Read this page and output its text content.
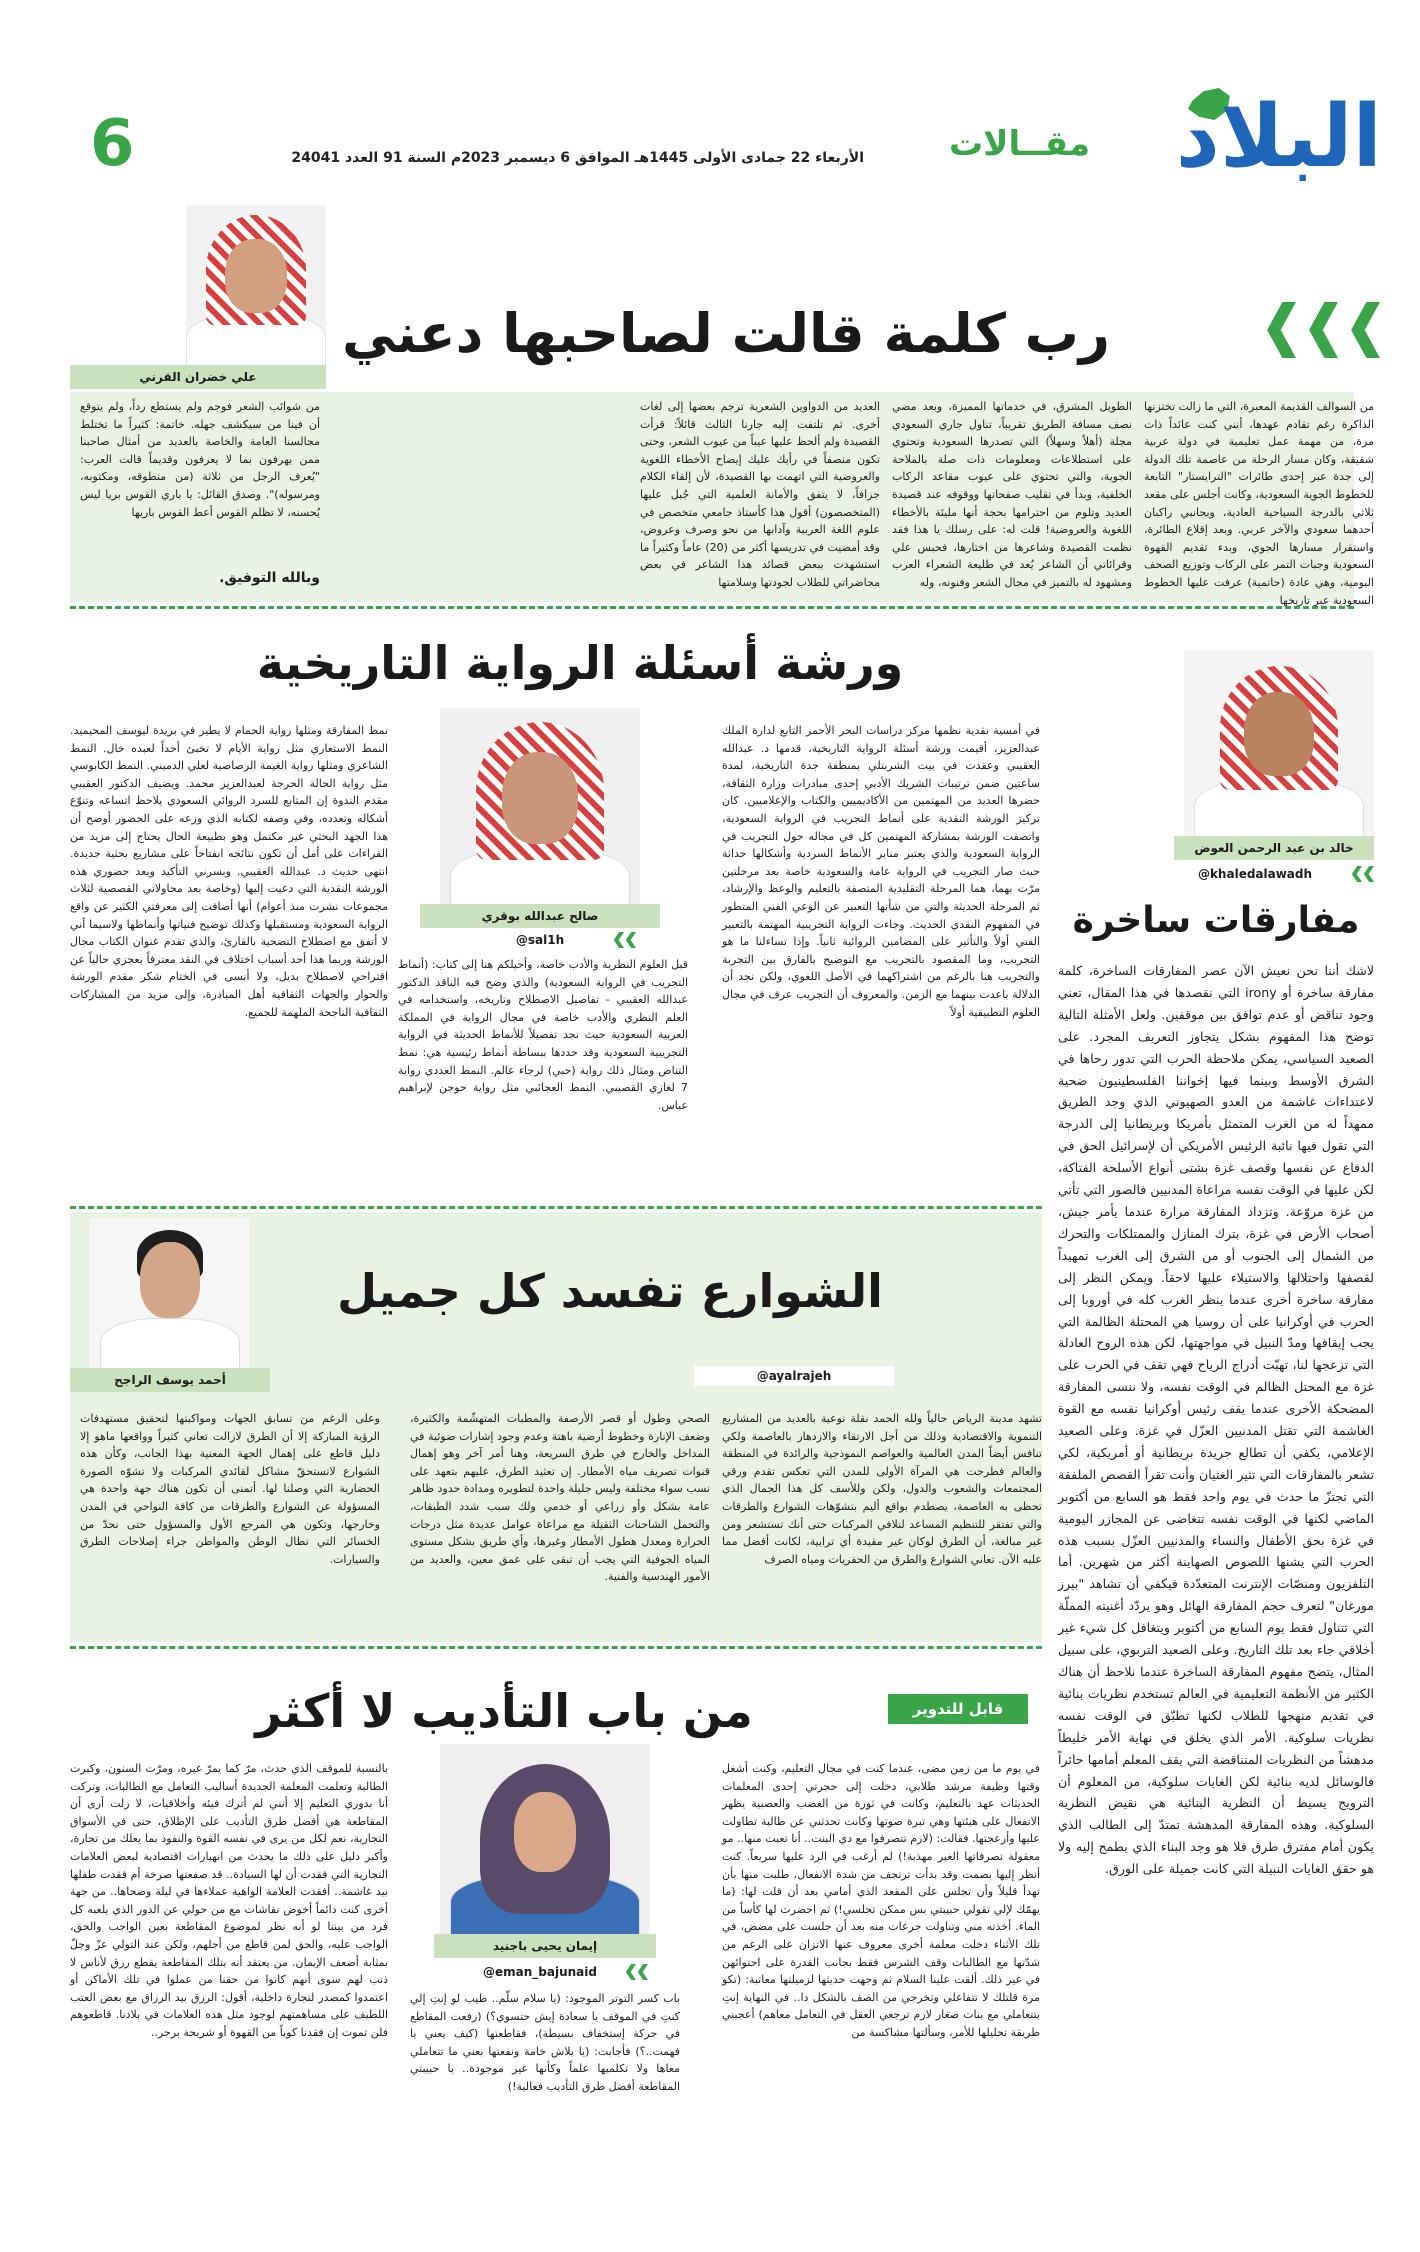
البلاد
مقــالات
الأربعاء 22 جمادى الأولى 1445هـ الموافق 6 ديسمبر 2023م السنة 91 العدد 24041
6
رب كلمة قالت لصاحبها دعني
علي خضران القرني
من السوالف القديمة المعبرة، التي ما زالت تختزنها الذاكرة رغم تقادم عهدها، أنني كنت عائداً ذات مرة، من مهمة عمل تعليمية في دولة عربية شقيقة، وكان مسار الرحلة من عاصمة تلك الدولة إلى جدة عبر إحدى طائرات "الترايستار" التابعة للخطوط الجوية السعودية، وكانت أجلس على مقعد ثلاثي بالدرجة السياحية العادية، وبجانبي راكبان أحدهما سعودي والآخر عربي. وبعد إقلاع الطائرة، واستقرار مسارها الجوي، وبدء تقديم القهوة السعودية وجبات التمر على الركاب وتوزيع الصحف اليومية، وهي عادة (حاتمية) عرفت عليها الخطوط السعودية عبر تاريخها
الطويل المشرق، في خدماتها المميزة، وبعد مضي نصف مسافة الطريق تقريباً، تناول جاري السعودي مجلة (أهلاً وسهلاً) التي تصدرها السعودية وتحتوي على استطلاعات ومعلومات ذات صلة بالملاحة الجوية، والتي تحتوي على عيوب مقاعد الركاب الخلفية، وبدأ في تقليب صفحاتها ووقوفه عند قصيدة العديد وتلوم من احترامها بحجة أنها مليئة بالأخطاء اللغوية والعروضية! قلت له: على رسلك يا هذا فقد نظمت القصيدة وشاعرها من اختارها، فحبس علي وقرائاتي أن الشاعر يُعد في طليعة الشعراء العرب ومشهود له بالتميز في مجال الشعر وفنونه، وله
العديد من الدواوين الشعرية ترجم بعضها إلى لغات أخرى. ثم تلتفت إليه جارنا الثالث قائلاً: قرأت القصيدة ولم ألحظ عليها عيباً من عيوب الشعر، وحتى تكون منصفاً في رأيك عليك إيضاح الأخطاء اللغوية والعروضية التي اتهمت بها القصيدة، لأن إلقاء الكلام جزافاً، لا يتفق والأمانة العلمية التي جُبل عليها (المتخصصون) أقول هذا كأستاذ جامعي متخصص في علوم اللغة العربية وآدابها من نحو وصرف وعروض، وقد أمضيت في تدريسها أكثر من (20) عاماً وكثيراً ما استشهدت ببعض قصائد هذا الشاعر في بعض محاضراتي للطلاب لجودتها وسلامتها
من شوائب الشعر فوجم ولم يستطع رداً، ولم يتوقع أن فينا من سيكشف جهله. خاتمة: كثيراً ما تختلط مجالسنا العامة والخاصة بالعديد من أمثال صاحبنا ممن يهرفون بما لا يعرفون وقديماً قالت العرب: "يُعرف الرجل من ثلاثة (من منطوقه، ومكتوبه، ومرسوله)". وصدق القائل: يا باري القوس بريا ليس يُحسنه، لا تظلم القوس أعط القوس باريها
وبالله التوفيق.
خالد بن عبد الرحمن العوض
@khaledalawadh
مفارقات ساخرة
لاشك أننا نحن نعيش الآن عصر المفارقات الساخرة، كلمة مفارقة ساخرة أو irony التي نقصدها في هذا المقال، تعني وجود تناقض أو عدم توافق بين موقفين. ولعل الأمثلة التالية توضح هذا المفهوم بشكل يتجاوز التعريف المجرد. على الصعيد السياسي، يمكن ملاحظة الحرب التي تدور رحاها في الشرق الأوسط وبينما فيها إخواننا الفلسطينيون ضحية لاعتداءات غاشمة من العدو الصهيوني الذي وجد الطريق ممهداً له من الغرب المتمثل بأمريكا وبريطانيا إلى الدرجة التي تقول فيها نائبة الرئيس الأمريكي أن لإسرائيل الحق في الدفاع عن نفسها وقصف غزة بشتى أنواع الأسلحة الفتاكة، لكن عليها في الوقت نفسه مراعاة المدنيين فالصور التي تأتي من غزة مروّعة. وتزداد المفارقة مرارة عندما يأمر جيش، أصحاب الأرض في غزة، بترك المنازل والممتلكات والتحرك من الشمال إلى الجنوب أو من الشرق إلى الغرب تمهيداً لقصفها واحتلالها والاستيلاء عليها لاحقاً. ويمكن النظر إلى مفارقة ساخرة أخرى عندما ينظر الغرب كله في أوروبا إلى الحرب في أوكرانيا على أن روسيا هي المحتلة الظالمة التي يجب إيقافها ومدّ النبيل في مواجهتها، لكن هذه الروح العادلة التي تزعجها لنا، تهبّت أدراج الرياح فهي تقف في الحرب على غزة مع المحتل الظالم في الوقت نفسه، ولا ننسى المفارقة المضحكة الأخرى عندما يقف رئيس أوكرانيا نفسه مع القوة الغاشمة التي تقتل المدنيين العزّل في غزة. وعلى الصعيد الإعلامي، يكفي أن تطالع جريدة بريطانية أو أمريكية، لكي تشعر بالمفارقات التي تثير الغثيان وأنت تقرأ القصص الملفقة التي تجتزّ ما حدث في يوم واحد فقط هو السابع من أكتوبر الماضي لكنها في الوقت نفسه تتغاضى عن المجازر اليومية في غزة بحق الأطفال والنساء والمدنيين العزّل بسبب هذه الحرب التي يشنها اللصوص الصهاينة أكثر من شهرين. أما التلفزيون ومنصّات الإنترنت المتعدّدة فيكفي أن تشاهد "بيرز مورغان" لتعرف حجم المفارقة الهائل وهو يردّد أغنيته المملّة التي تتناول فقط يوم السابع من أكتوبر ويتغافل كل شيء غير أخلاقي جاء بعد تلك التاريخ. وعلى الصعيد التربوي، على سبيل المثال، يتضح مفهوم المفارقة الساخرة عندما نلاحظ أن هناك الكثير من الأنظمة التعليمية في العالم تستخدم نظريات بنائية في تقديم منهجها للطلاب لكنها تطبّق في الوقت نفسه نظريات سلوكية. الأمر الذي يخلق في نهاية الأمر خليطاً مدهشاً من النظريات المتناقضة التي يقف المعلم أمامها حائراً فالوسائل لديه بنائية لكن الغايات سلوكية، من المعلوم أن الترويج يسيط أن النظرية البنائية هي نقيض النظرية السلوكية. وهذه المفارقة المدهشة تمتدّ إلى الطالب الذي يكون أمام مفترق طرق فلا هو وجد البناء الذي يطمح إليه ولا هو حقق الغايات النبيلة التي كانت جميلة على الورق.
ورشة أسئلة الرواية التاريخية
صالح عبدالله بوقري
@sal1h
في أمسية نقدية نظمها مركز دراسات البحر الأحمر التابع لدارة الملك عبدالعزيز، أقيمت ورشة أسئلة الرواية التاريخية، قدمها د. عبدالله العقيبي وعقدت في بيت الشربتلي بمنطقة جدة التاريخية، لمدة ساعتين ضمن ترتيبات الشريك الأدبي إحدى مبادرات وزارة الثقافة، حضرها العديد من المهتمين من الأكاديميين والكتاب والإعلاميين. كان تركيز الورشة النقدية على أنماط التجريب في الرواية السعودية، واتصفت الورشة بمشاركة المهتمين كل في مجاله حول التجريب في الرواية السعودية والذي يعتبر منابر الأنماط السردية وأشكالها حداثة حيث صار التجريب في الرواية عامة والسعودية خاصة بعد مرحلتين مرّت بهما، هما المرحلة التقليدية المتصفة بالتعليم والوعظ والإرشاد، ثم المرحلة الحديثة والتي من شأنها التعبير عن الوعي الفني المتطور في المفهوم النقدي الحديث. وجاءت الرواية التجريبية المهتمة بالتعبير الفني أولاً والتأثير على المضامين الروائية ثانياً. وإذا تساءلنا ما هو التجريب، وما المقصود بالتجريب مع التوضيح بالفارق بين التجربة والتجريب هنا بالرغم من اشتراكهما في الأصل اللغوي، ولكن نجد أن الدلالة باعدت بينهما مع الزمن. والمعروف أن التجريب عرف في مجال العلوم التطبيقية أولاً
قبل العلوم النظرية والأدب خاصة، وأحيلكم هنا إلى كتاب: (أنماط التجريب في الرواية السعودية) والذي وضح فيه الناقد الدكتور عبدالله العقيبي - تفاصيل الاصطلاح وتاريخه، واستخدامه في العلم النظري والأدب خاصة في مجال الرواية في المملكة العربية السعودية حيث نجد تفصيلاً للأنماط الحديثة في الرواية التجريبية السعودية وقد حددها ببساطة أنماط رئيسية هي: نمط التناص ومثال ذلك رواية (حبي) لرجاء عالم. النمط العددي رواية 7 لغازي القصيبي. النمط العجائبي مثل رواية حوجن لإبراهيم عباس.
نمط المفارقة ومثلها رواية الحمام لا يطير في بريدة ليوسف المحيميد. النمط الاستعاري مثل رواية الأيام لا تخبئ أحداً لعبده خال. النمط الشاعري ومثلها رواية الغيمة الرصاصية لعلي الدميني. النمط الكابوسي مثل رواية الحالة الحرجة لعبدالعزيز محمد. ويضيف الدكتور العقيبي مقدم الندوة إن المتابع للسرد الروائي السعودي يلاحظ اتساعه وتنوّع أشكاله وتعدده، وفي وصفه لكتابه الذي وزعه على الحضور أوضح أن هذا الجهد البحثي غير مكتمل وهو بطبيعة الحال يحتاج إلى مزيد من القراءات على أمل أن تكون نتائجه انفتاحاً على مشاريع بحثية جديدة. انتهى حديث د. عبدالله العقيبي. وبسرني التأكيد وبعد حضوري هذه الورشة النقدية التي دعيت إليها (وخاصة بعد محاولاتي القصصية لثلاث مجموعات نشرت منذ أعوام) أنها أضافت إلى معرفتي الكثير عن واقع الرواية السعودية ومستقبلها وكذلك توضيح فنياتها وأنماطها ولاسيما أني لا أتفق مع اصطلاح التضحية بالقارئ، والذي تقدم عنوان الكتاب مجال الورشة وربما هذا أحد أسباب اختلاف في النقد معترفاً بعجزي حالياً عن اقتراحي لاصطلاح بديل، ولا أنسى في الختام شكر مقدم الورشة والحوار والجهات الثقافية أهل المبادرة، وإلى مزيد من المشاركات الثقافية الناجحة الملهمة للجميع.
أحمد يوسف الراجح	@ayalrajeh
الشوارع تفسد كل جميل
تشهد مدينة الرياض حالياً ولله الحمد نقلة نوعية بالعديد من المشاريع التنموية والاقتصادية وذلك من أجل الارتقاء والازدهار بالعاصمة ولكي تنافس أيضاً المدن العالمية والعواصم النموذجية والرائدة في المنطقة والعالم فطرحت هي المرآة الأولى للمدن التي تعكس تقدم ورقي المجتمعات والشعوب والدول، ولكن وللأسف كل هذا الجمال الذي تحظى به العاصمة، يصطدم بواقع أليم بتشوّهات الشوارع والطرقات والتي تفتقر للتنظيم المساعد لتلافي المركبات حتى أنك تستشعر ومن غير مبالغة، أن الطرق لوكان غير مقيدة أي ترابية، لكانت أفضل مما عليه الآن. تعاني الشوارع والطرق من الحفريات ومياه الصرف
الصحي وطول أو قصر الأرصفة والمطبات المتهشّمة والكثيرة، وضعف الإنارة وخطوط أرضية باهتة وعدم وجود إشارات ضوئية في المداخل والخارج في طرق السريعة، وهنا أمر آخر وهو إهمال قنوات تصريف مياه الأمطار. إن تعثيد الطرق، عليهم بتعهد على نسب سواء مختلفة وليس جليلة واحدة لتطويره ومدادة حدود ظاهر عامة بشكل وأو زراعي أو خدمي ولك سبب شدد الطبقات، والتحمل الشاحنات الثقيلة مع مراعاة عوامل عديدة مثل درجات الحرارة ومعدل هطول الأمطار وغيرها، وأي طريق بشكل مستوى المياه الجوفية التي يجب أن تبقى على عمق معين، والعديد من الأمور الهندسية والفنية.
وعلى الرغم من تسابق الجهات ومواكبتها لتحقيق مستهدفات الرؤية المباركة إلا أن الطرق لازالت تعاني كثيراً وواقعها ماهو إلا دليل قاطع على إهمال الجهة المعنية بهذا الجانب، وكأن هذه الشوارع لاتستحقّ مشاكل لقائدي المركبات ولا تشوّه الصورة الحضارية التي وصلنا لها. أتمنى أن تكون هناك جهة واحدة هي المسؤولة عن الشوارع والطرقات من كافة النواحي في المدن وخارجها، وتكون هي المرجع الأول والمسؤول حتى نحدّ من الخسائر التي تطال الوطن والمواطن جراء إصلاحات الطرق والسيارات.
قابل للتدوير
من باب التأديب لا أكثر
إيمان يحيى باجنيد
@eman_bajunaid
في يوم ما من زمن مضى، عندما كنت في مجال التعليم، وكنت أشغل وقتها وظيفة مرشد طلابي، دخلت إلى حجرتي إحدى المعلمات الحديثات عهد بالتعليم، وكانت في ثورة من الغضب والعصبية يظهر الانفعال على هيئتها وهي تبرة صوتها وكانت تحدثني عن طالبة تطاولت عليها وأزعجتها. فقالت: (لازم تتصرفوا مع دي البنت.. أنا تعبت منها.. مو معقولة تصرفاتها الغير مهذبة!) لم أرغب في الرد عليها سريعاً. كنت أنظر إليها بصمت وقد بدأت ترتجف من شدة الانفعال، طلبت منها بأن تهدأ قليلاً وأن تجلس على المقعد الذي أمامي بعد أن قلت لها: (ما يهمّك لإلي تقولي حبيبتي بس ممكن تجلسي!) ثم احضرت لها كأساً من الماء. أخذته مني وتناولت جرعات منه بعد أن جلست على مضض، في تلك الأثناء دخلت معلمة أخرى معروف عنها الاتزان على الرغم من شدّتها مع الطالبات وقف الشرس فقط بجانب القدرة على احتوائهن في غير ذلك. ألقت علينا السلام ثم وجهت حديثها لزميلتها معاتبة: (تكو مرة قلتلك لا تتفاعلي وتخرجي من الصف بالشكل دا.. في النهاية إنتِ بتتعاملي مع بنات صغار لازم ترجعي العقل في التعامل معاهم) أعجبني طريقة تحليلها للأمر، وسألتها مشاكسة من
باب كسر التوتر الموجود: (يا سلام سلّم.. طيب لو إنتِ إلي كنتِ في الموقف يا سعادة إيش حتسوي؟) (رفعت المقاطع في حركة إستخفاف بسيطة)، فقاطعتها (كيف يعني يا فهمت..؟) فأجابت: (يا بلاش خامة ونفعتها بعني ما تتعاملي معاها ولا تكلميها علماً وكأنها غير موجودة.. يا حبيبتي المقاطعة أفضل طرق التأديب فعالية!)
بالنسبة للموقف الذي حدث، مرّ كما يمرّ غيره، ومرّت السنون، وكبرت الطالبة وتعلمت المعلمة الجديدة أساليب التعامل مع الطالبات، وتركت أنا بدوري التعليم إلا أنني لم أترك فيئه وأخلاقيات، لا زلت أرى أن المقاطعة هي أفضل طرق التأديب على الإطلاق، حتى في الأسواق التجارية، نعم لكل من يرى في نفسه القوة والنفوذ بما يعلك من تجارة، وأكبر دليل على ذلك ما يحدث من انهيارات اقتصادية لبعض العلامات التجارية التي فقدت أن لها السيادة.. قد صفعتها صرخة أم فقدت طفلها بيد غاشمة.. أفقدت العلامة الواهية عملاءها في ليلة وضحاها.. من جهة أخرى كنت دائماً أخوض نقاشات مع من حولي عن الدور الذي يلعبه كل فرد من بيننا لو أنه نظر لموضوع المقاطعة بعين الواجب والحق، الواجب عليه، والحق لمن قاطع من أجلهم، ولكن عند التولي عزّ وجلّ بمثابة أضعف الإيمان. من يعتقد أنه بتلك المقاطعة يقطع رزق لأناس لا ذنب لهم سوى أنهم كانوا من حقنا من عملوا في تلك الأماكن أو اعتمدوا كمصدر لتجارة داخلية، أقول: الرزق بيد الرزاق مع بعض العتب اللطيف على مساهمتهم لوجود مثل هذه العلامات في بلادنا. قاطعوهم فلن تموت إن فقدنا كوباً من القهوة أو شريحة برجر..
